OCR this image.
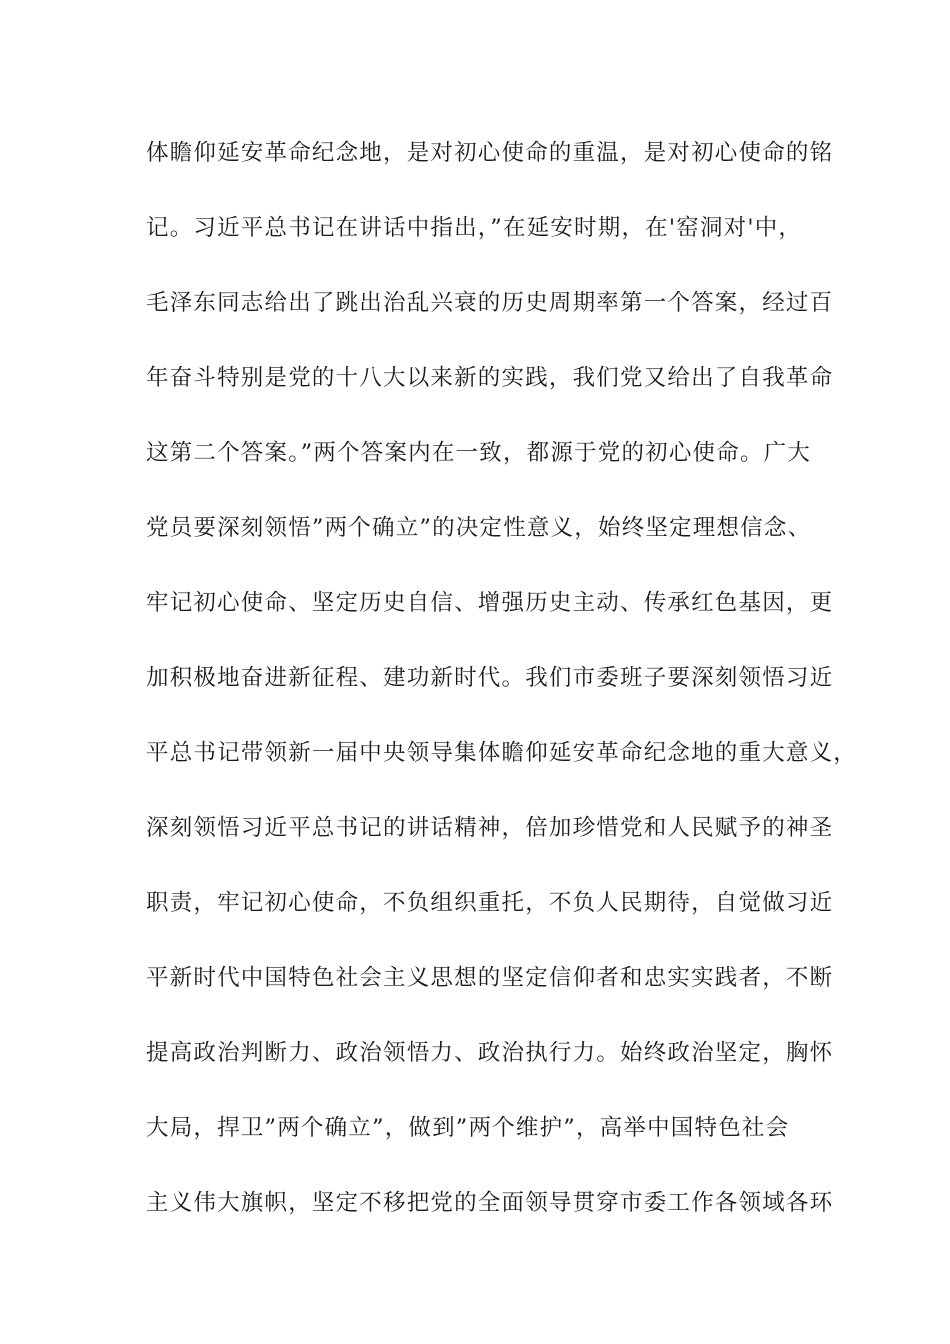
体瞻仰延安革命纪念地，是对初心使命的重温，是对初心使命的铭
记。习近平总书记在讲话中指出，”在延安时期，在'窑洞对'中，
毛泽东同志给出了跳出治乱兴衰的历史周期率第一个答案，经过百
年奋斗特别是党的十八大以来新的实践，我们党又给出了自我革命
这第二个答案。”两个答案内在一致，都源于党的初心使命。广大
党员要深刻领悟”两个确立”的决定性意义，始终坚定理想信念、
牢记初心使命、坚定历史自信、增强历史主动、传承红色基因，更
加积极地奋进新征程、建功新时代。我们市委班子要深刻领悟习近
平总书记带领新一届中央领导集体瞻仰延安革命纪念地的重大意义，
深刻领悟习近平总书记的讲话精神，倍加珍惜党和人民赋予的神圣
职责，牢记初心使命，不负组织重托，不负人民期待，自觉做习近
平新时代中国特色社会主义思想的坚定信仰者和忠实实践者，不断
提高政治判断力、政治领悟力、政治执行力。始终政治坚定，胸怀
大局，捍卫”两个确立”，做到”两个维护”，高举中国特色社会
主义伟大旗帜，坚定不移把党的全面领导贯穿市委工作各领域各环
